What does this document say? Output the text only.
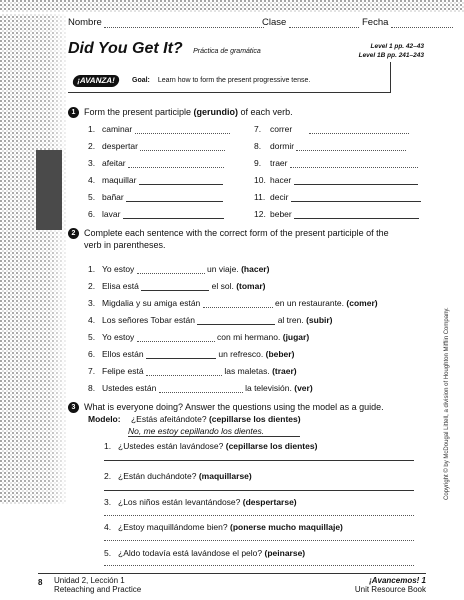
Nombre	Clase	Fecha
Did You Get It? Práctica de gramática
Level 1 pp. 42–43
Level 1B pp. 241–243
¡AVANZA!	Goal: Learn how to form the present progressive tense.
1 Form the present participle (gerundio) of each verb.
1. caminar
2. despertar
3. afeitar
4. maquillar
5. bañar
6. lavar
7. correr
8. dormir
9. traer
10. hacer
11. decir
12. beber
2 Complete each sentence with the correct form of the present participle of the
verb in parentheses.
1. Yo estoy	un viaje. (hacer)
2. Elisa está	el sol. (tomar)
3. Migdalia y su amiga están	en un restaurante. (comer)
4. Los señores Tobar están	al tren. (subir)
5. Yo estoy	con mi hermano. (jugar)
6. Ellos están	un refresco. (beber)
7. Felipe está	las maletas. (traer)
8. Ustedes están	la televisión. (ver)
3 What is everyone doing? Answer the questions using the model as a guide.
Modelo: ¿Estás afeitándote? (cepillarse los dientes)
No, me estoy cepillando los dientes.
1. ¿Ustedes están lavándose? (cepillarse los dientes)
2. ¿Están duchándote? (maquillarse)
3. ¿Los niños están levantándose? (despertarse)
4. ¿Estoy maquillándome bien? (ponerse mucho maquillaje)
5. ¿Aldo todavía está lavándose el pelo? (peinarse)
Copyright © by McDougal Littell, a division of Houghton Mifflin Company.
8 Unidad 2, Lección 1
Reteaching and Practice
¡Avancemos! 1
Unit Resource Book
